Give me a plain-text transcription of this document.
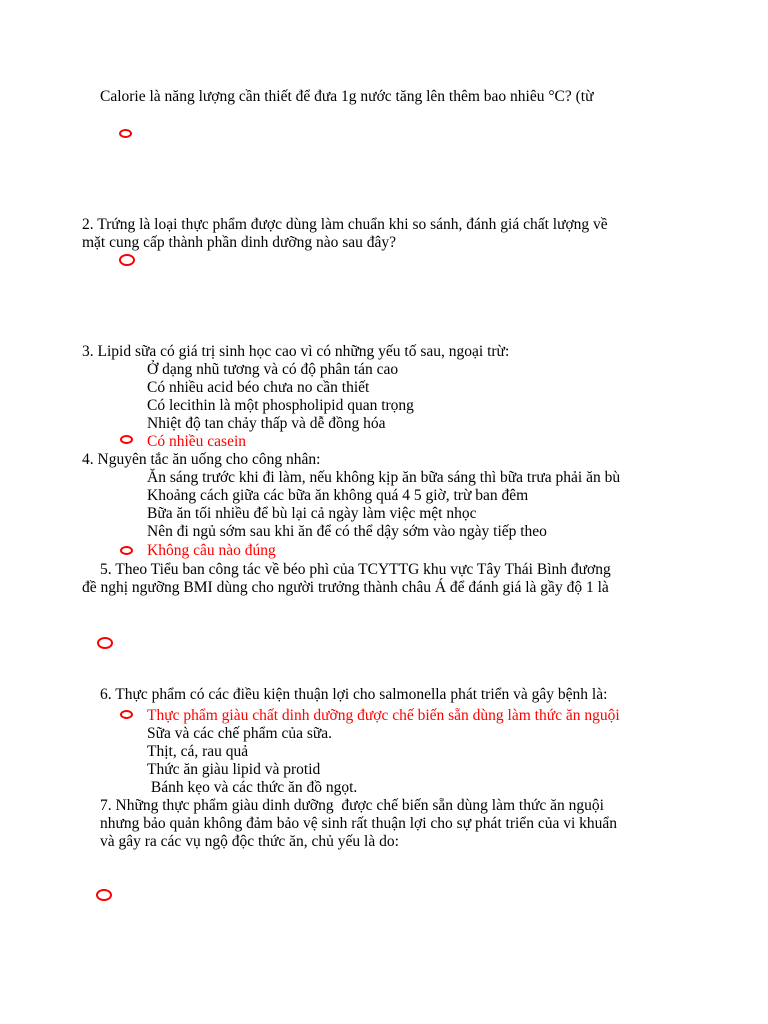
Calorie là năng lượng cần thiết để đưa 1g nước tăng lên thêm bao nhiêu °C? (từ
2. Trứng là loại thực phẩm được dùng làm chuẩn khi so sánh, đánh giá chất lượng về
mặt cung cấp thành phần dinh dưỡng nào sau đây?
3. Lipid sữa có giá trị sinh học cao vì có những yếu tố sau, ngoại trừ:
Ở dạng nhũ tương và có độ phân tán cao
Có nhiều acid béo chưa no cần thiết
Có lecithin là một phospholipid quan trọng
Nhiệt độ tan chảy thấp và dễ đồng hóa
Có nhiều casein
4. Nguyên tắc ăn uống cho công nhân:
Ăn sáng trước khi đi làm, nếu không kịp ăn bữa sáng thì bữa trưa phải ăn bù
Khoảng cách giữa các bữa ăn không quá 4 5 giờ, trừ ban đêm
Bữa ăn tối nhiều để bù lại cả ngày làm việc mệt nhọc
Nên đi ngủ sớm sau khi ăn để có thể dậy sớm vào ngày tiếp theo
Không câu nào đúng
5. Theo Tiểu ban công tác về béo phì của TCYTTG khu vực Tây Thái Bình đương
đề nghị ngưỡng BMI dùng cho người trưởng thành châu Á để đánh giá là gầy độ 1 là
6. Thực phẩm có các điều kiện thuận lợi cho salmonella phát triển và gây bệnh là:
Thực phẩm giàu chất dinh dưỡng được chế biến sẵn dùng làm thức ăn nguội
Sữa và các chế phẩm của sữa.
Thịt, cá, rau quả
Thức ăn giàu lipid và protid
Bánh kẹo và các thức ăn đồ ngọt.
7. Những thực phẩm giàu dinh dưỡng  được chế biến sẵn dùng làm thức ăn nguội
nhưng bảo quản không đảm bảo vệ sinh rất thuận lợi cho sự phát triển của vi khuẩn
và gây ra các vụ ngộ độc thức ăn, chủ yếu là do:
